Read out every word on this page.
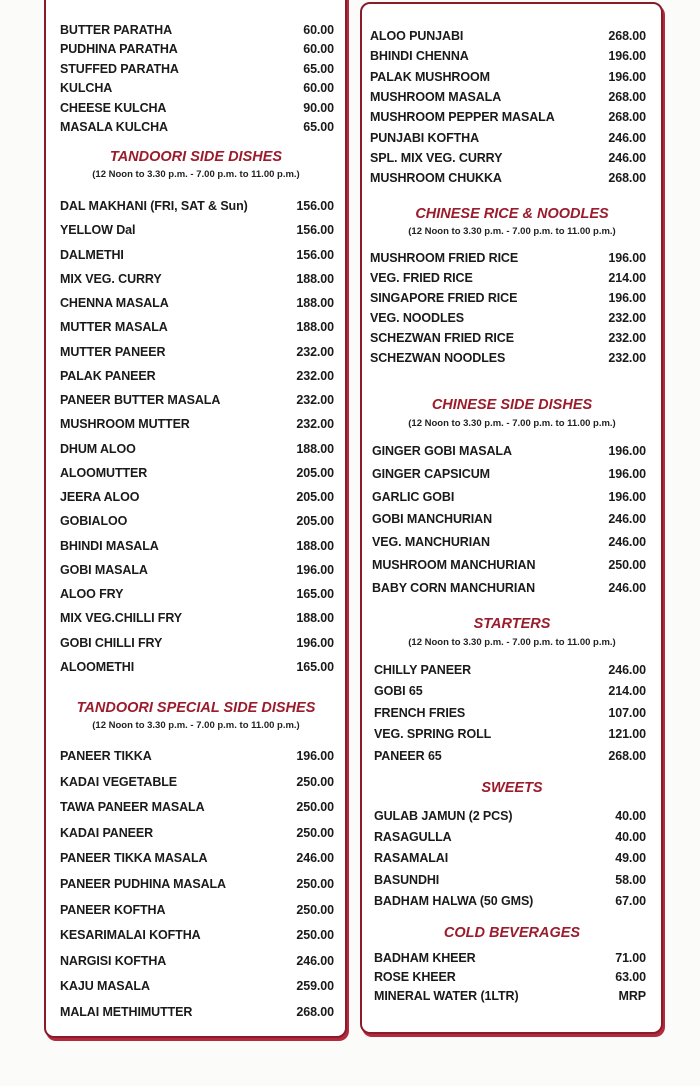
BUTTER PARATHA	60.00
PUDHINA PARATHA	60.00
STUFFED PARATHA	65.00
KULCHA	60.00
CHEESE KULCHA	90.00
MASALA KULCHA	65.00
TANDOORI SIDE DISHES
(12 Noon to 3.30 p.m. - 7.00 p.m. to 11.00 p.m.)
DAL MAKHANI (FRI, SAT & Sun)	156.00
YELLOW Dal	156.00
DALMETHI	156.00
MIX VEG. CURRY	188.00
CHENNA MASALA	188.00
MUTTER MASALA	188.00
MUTTER PANEER	232.00
PALAK PANEER	232.00
PANEER BUTTER MASALA	232.00
MUSHROOM MUTTER	232.00
DHUM ALOO	188.00
ALOOMUTTER	205.00
JEERA ALOO	205.00
GOBIALOO	205.00
BHINDI MASALA	188.00
GOBI MASALA	196.00
ALOO FRY	165.00
MIX VEG.CHILLI FRY	188.00
GOBI CHILLI FRY	196.00
ALOOMETHI	165.00
TANDOORI SPECIAL SIDE DISHES
(12 Noon to 3.30 p.m. - 7.00 p.m. to 11.00 p.m.)
PANEER TIKKA	196.00
KADAI VEGETABLE	250.00
TAWA PANEER MASALA	250.00
KADAI PANEER	250.00
PANEER TIKKA MASALA	246.00
PANEER PUDHINA MASALA	250.00
PANEER KOFTHA	250.00
KESARIMALAI KOFTHA	250.00
NARGISI KOFTHA	246.00
KAJU MASALA	259.00
MALAI METHIMUTTER	268.00
ALOO PUNJABI	268.00
BHINDI CHENNA	196.00
PALAK MUSHROOM	196.00
MUSHROOM MASALA	268.00
MUSHROOM PEPPER MASALA	268.00
PUNJABI KOFTHA	246.00
SPL. MIX VEG. CURRY	246.00
MUSHROOM CHUKKA	268.00
CHINESE RICE & NOODLES
(12 Noon to 3.30 p.m. - 7.00 p.m. to 11.00 p.m.)
MUSHROOM FRIED RICE	196.00
VEG. FRIED RICE	214.00
SINGAPORE FRIED RICE	196.00
VEG. NOODLES	232.00
SCHEZWAN FRIED RICE	232.00
SCHEZWAN NOODLES	232.00
CHINESE SIDE DISHES
(12 Noon to 3.30 p.m. - 7.00 p.m. to 11.00 p.m.)
GINGER GOBI MASALA	196.00
GINGER CAPSICUM	196.00
GARLIC GOBI	196.00
GOBI MANCHURIAN	246.00
VEG. MANCHURIAN	246.00
MUSHROOM MANCHURIAN	250.00
BABY CORN MANCHURIAN	246.00
STARTERS
(12 Noon to 3.30 p.m. - 7.00 p.m. to 11.00 p.m.)
CHILLY PANEER	246.00
GOBI 65	214.00
FRENCH FRIES	107.00
VEG. SPRING ROLL	121.00
PANEER 65	268.00
SWEETS
GULAB JAMUN (2 PCS)	40.00
RASAGULLA	40.00
RASAMALAI	49.00
BASUNDHI	58.00
BADHAM HALWA (50 GMS)	67.00
COLD BEVERAGES
BADHAM KHEER	71.00
ROSE KHEER	63.00
MINERAL WATER (1LTR)	MRP
